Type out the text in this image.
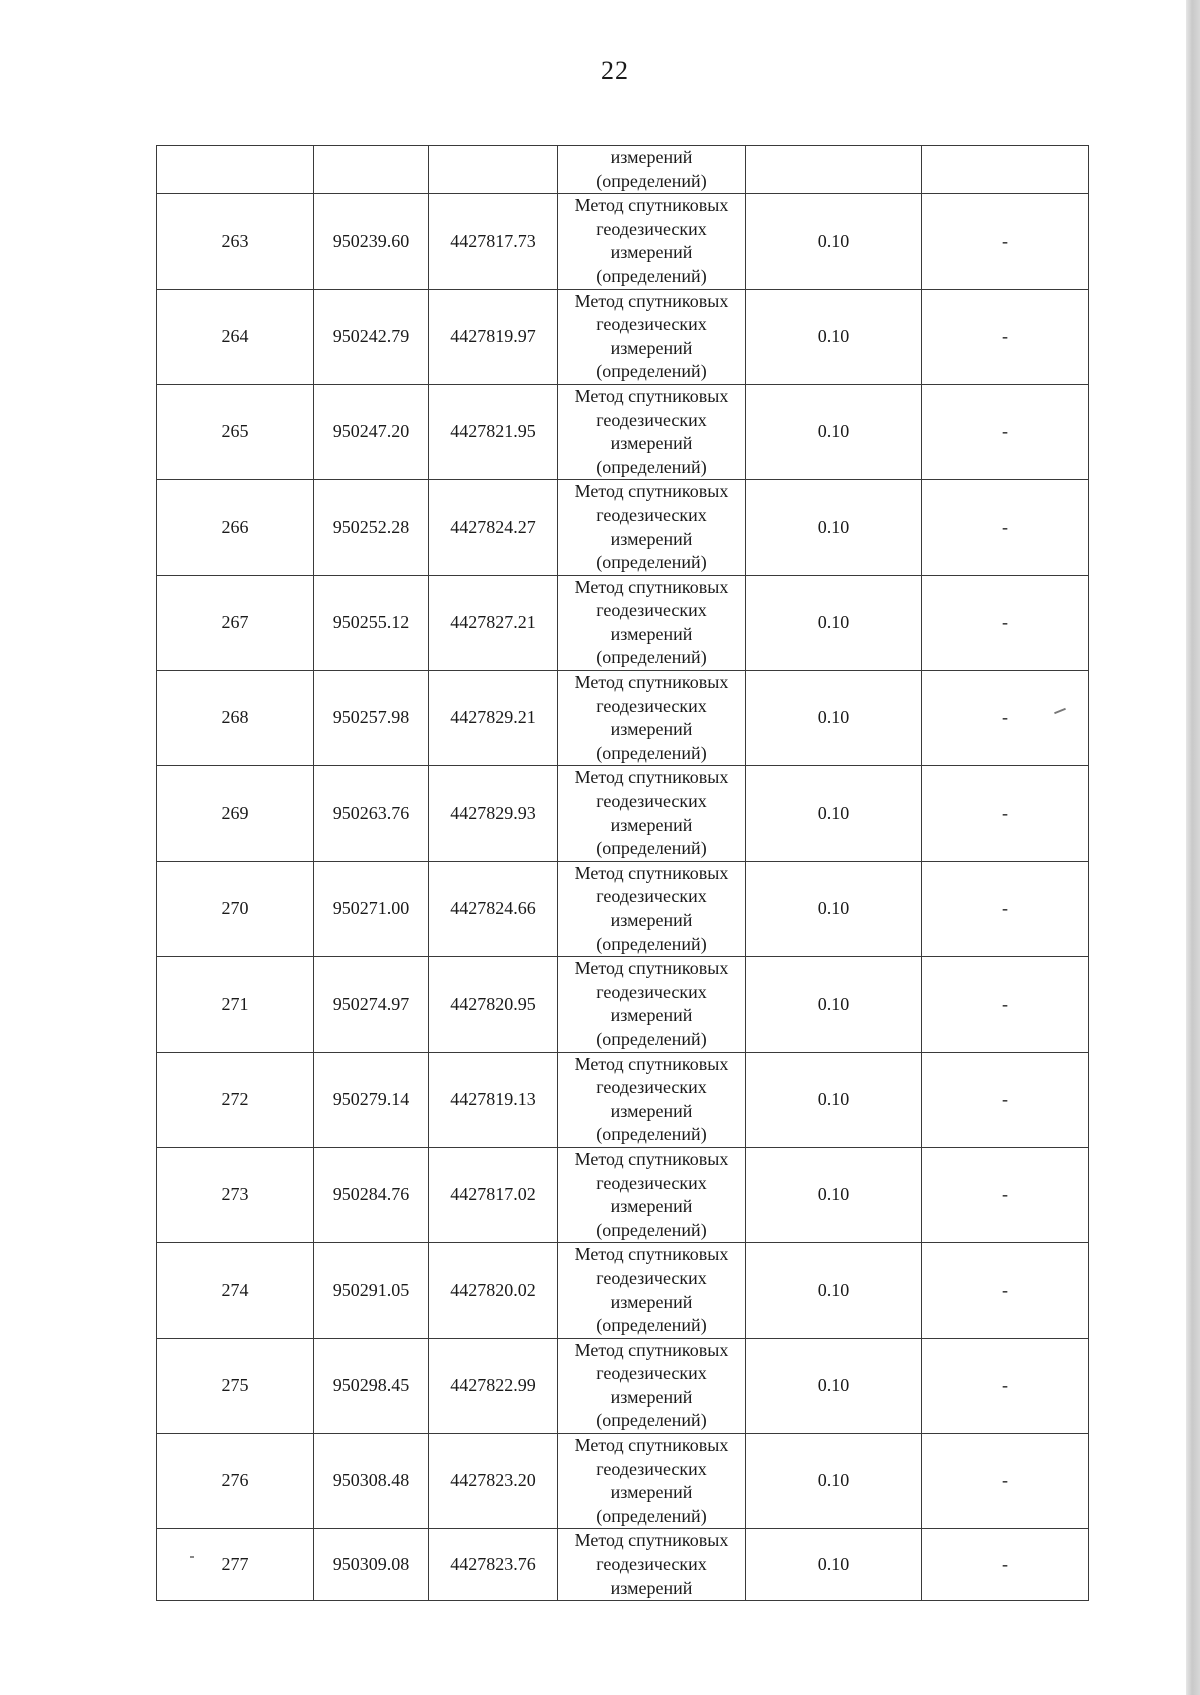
22

			измерений
(определений)		

263	950239.60	4427817.73	Метод спутниковых
геодезических
измерений
(определений)	0.10	-
264	950242.79	4427819.97	Метод спутниковых
геодезических
измерений
(определений)	0.10	-
265	950247.20	4427821.95	Метод спутниковых
геодезических
измерений
(определений)	0.10	-
266	950252.28	4427824.27	Метод спутниковых
геодезических
измерений
(определений)	0.10	-
267	950255.12	4427827.21	Метод спутниковых
геодезических
измерений
(определений)	0.10	-
268	950257.98	4427829.21	Метод спутниковых
геодезических
измерений
(определений)	0.10	-
269	950263.76	4427829.93	Метод спутниковых
геодезических
измерений
(определений)	0.10	-
270	950271.00	4427824.66	Метод спутниковых
геодезических
измерений
(определений)	0.10	-
271	950274.97	4427820.95	Метод спутниковых
геодезических
измерений
(определений)	0.10	-
272	950279.14	4427819.13	Метод спутниковых
геодезических
измерений
(определений)	0.10	-
273	950284.76	4427817.02	Метод спутниковых
геодезических
измерений
(определений)	0.10	-
274	950291.05	4427820.02	Метод спутниковых
геодезических
измерений
(определений)	0.10	-
275	950298.45	4427822.99	Метод спутниковых
геодезических
измерений
(определений)	0.10	-
276	950308.48	4427823.20	Метод спутниковых
геодезических
измерений
(определений)	0.10	-
277	950309.08	4427823.76	Метод спутниковых
геодезических
измерений	0.10	-
